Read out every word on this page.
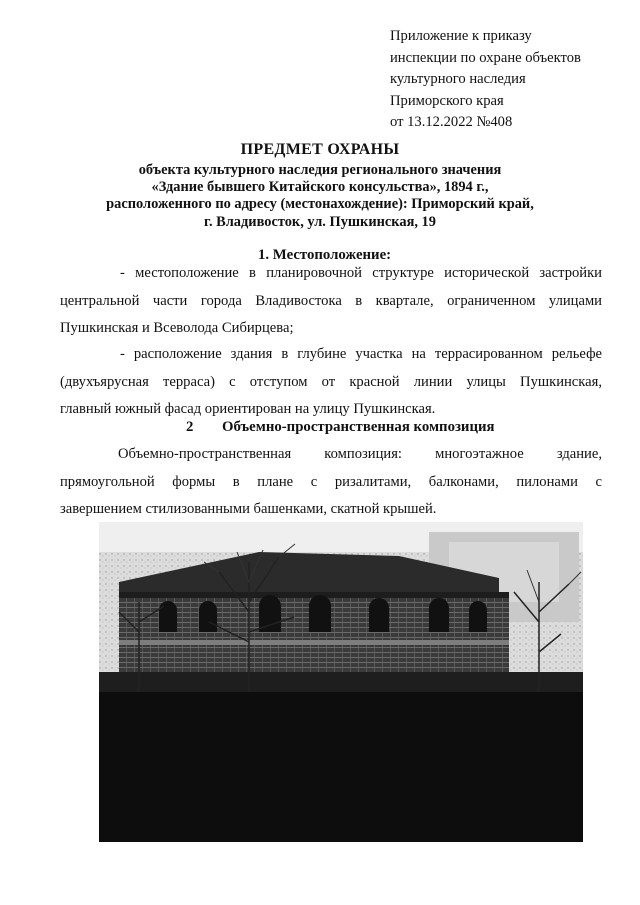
Приложение к приказу
инспекции по охране объектов
культурного наследия
Приморского края
от 13.12.2022 №408
ПРЕДМЕТ ОХРАНЫ
объекта культурного наследия регионального значения
«Здание бывшего Китайского консульства», 1894 г.,
расположенного по адресу (местонахождение): Приморский край,
г. Владивосток, ул. Пушкинская, 19
1. Местоположение:
- местоположение в планировочной структуре исторической застройки
центральной части города Владивостока в квартале, ограниченном улицами
Пушкинская и Всеволода Сибирцева;
- расположение здания в глубине участка на террасированном рельефе
(двухъярусная терраса) с отступом от красной линии улицы Пушкинская,
главный южный фасад ориентирован на улицу Пушкинская.
2 Объемно-пространственная композиция
Объемно-пространственная композиция: многоэтажное здание,
прямоугольной формы в плане с ризалитами, балконами, пилонами с
завершением стилизованными башенками, скатной крышей.
